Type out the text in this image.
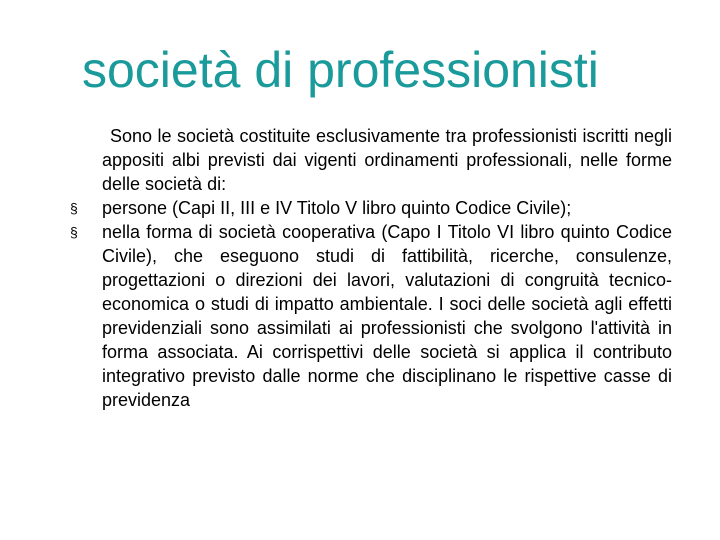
società di professionisti

Sono le società costituite esclusivamente tra professionisti iscritti negli appositi albi previsti dai vigenti ordinamenti professionali, nelle forme delle società di:

§ persone (Capi II, III e IV Titolo V libro quinto Codice Civile);
§ nella forma di società cooperativa (Capo I Titolo VI libro quinto Codice Civile), che eseguono studi di fattibilità, ricerche, consulenze, progettazioni o direzioni dei lavori, valutazioni di congruità tecnico-economica o studi di impatto ambientale. I soci delle società agli effetti previdenziali sono assimilati ai professionisti che svolgono l'attività in forma associata. Ai corrispettivi delle società si applica il contributo integrativo previsto dalle norme che disciplinano le rispettive casse di previdenza
